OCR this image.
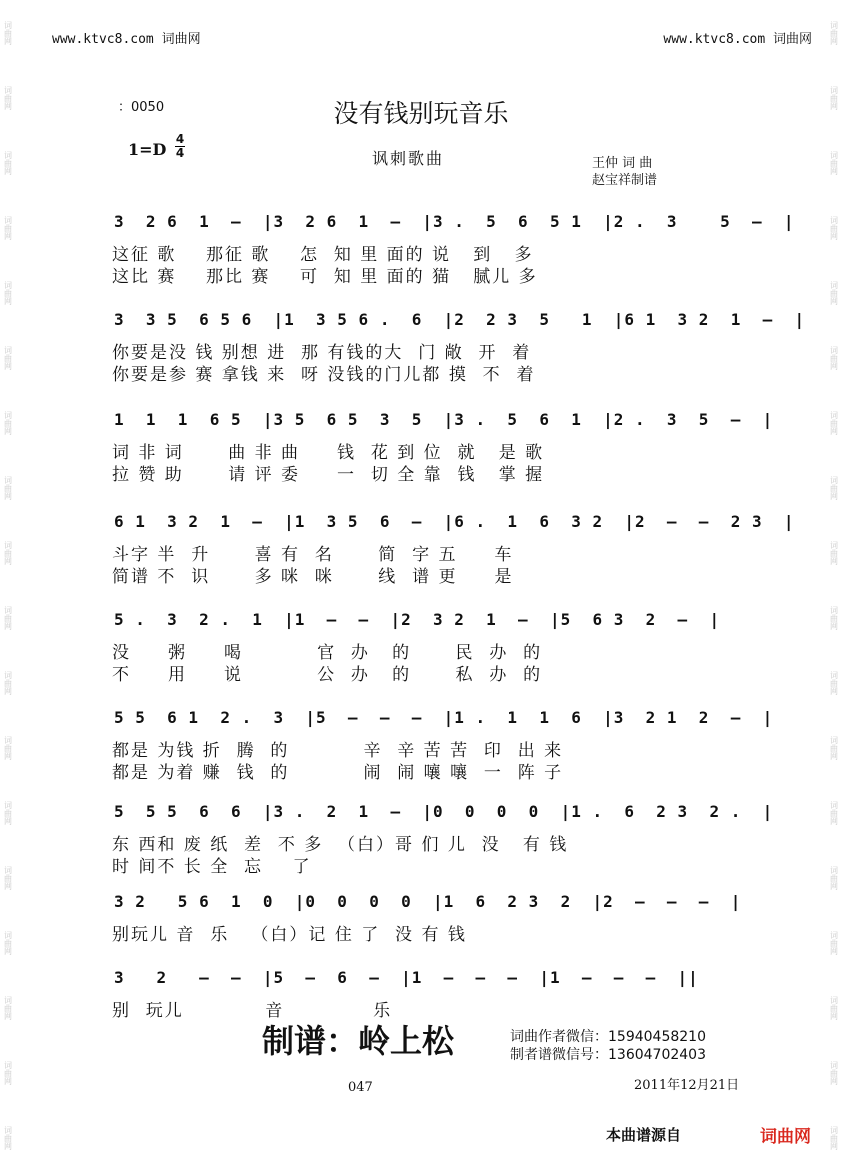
词曲网
词曲网
词曲网
词曲网
词曲网
词曲网
词曲网
词曲网
词曲网
词曲网
词曲网
词曲网
词曲网
词曲网
词曲网
词曲网
词曲网
词曲网
词曲网
词曲网
词曲网
词曲网
词曲网
词曲网
词曲网
词曲网
词曲网
词曲网
词曲网
词曲网
词曲网
词曲网
词曲网
词曲网
词曲网
词曲网
www.ktvc8.com 词曲网	www.ktvc8.com 词曲网
：0050	没有钱别玩音乐
1=D
4
4	讽刺歌曲	王仲 词 曲
赵宝祥制谱
3  2 6  1  –  |3  2 6  1  –  |3 .  5  6  5 1  |2 .  3    5  –  |
这征 歌    那征 歌    怎  知 里 面的 说   到   多
这比 赛    那比 赛    可  知 里 面的 猫   腻儿 多
3  3 5  6 5 6  |1  3 5 6 .  6  |2  2 3  5   1  |6 1  3 2  1  –  |
你要是没 钱 别想 进  那 有钱的大  门 敞  开  着
你要是参 赛 拿钱 来  呀 没钱的门儿都 摸  不  着
1  1  1  6 5  |3 5  6 5  3  5  |3 .  5  6  1  |2 .  3  5  –  |
词 非 词      曲 非 曲     钱  花 到 位  就   是 歌
拉 赞 助      请 评 委     一  切 全 靠  钱   掌 握
6 1  3 2  1  –  |1  3 5  6  –  |6 .  1  6  3 2  |2  –  –  2 3  |
斗字 半  升      喜 有  名      简  字 五     车
简谱 不  识      多 咪  咪      线  谱 更     是
5 .  3  2 .  1  |1  –  –  |2  3 2  1  –  |5  6 3  2  –  |
没     粥     喝          官  办   的      民  办  的
不     用     说          公  办   的      私  办  的
5 5  6 1  2 .  3  |5  –  –  –  |1 .  1  1  6  |3  2 1  2  –  |
都是 为钱 折  腾  的          辛  辛 苦 苦  印  出 来
都是 为着 赚  钱  的          闹  闹 嚷 嚷  一  阵 子
5  5 5  6  6  |3 .  2  1  –  |0  0  0  0  |1 .  6  2 3  2 .  |
东 西和 废 纸  差  不 多  （白）哥 们 儿  没   有 钱
时 间不 长 全  忘    了
3 2   5 6  1  0  |0  0  0  0  |1  6  2 3  2  |2  –  –  –  |
别玩儿 音  乐   （白）记 住 了  没 有 钱
3   2   –  –  |5  –  6  –  |1  –  –  –  |1  –  –  –  ||
别  玩儿           音            乐
制谱：岭上松	词曲作者微信：15940458210
制者谱微信号：13604702403
047	2011年12月21日
本曲谱源自	词曲网
